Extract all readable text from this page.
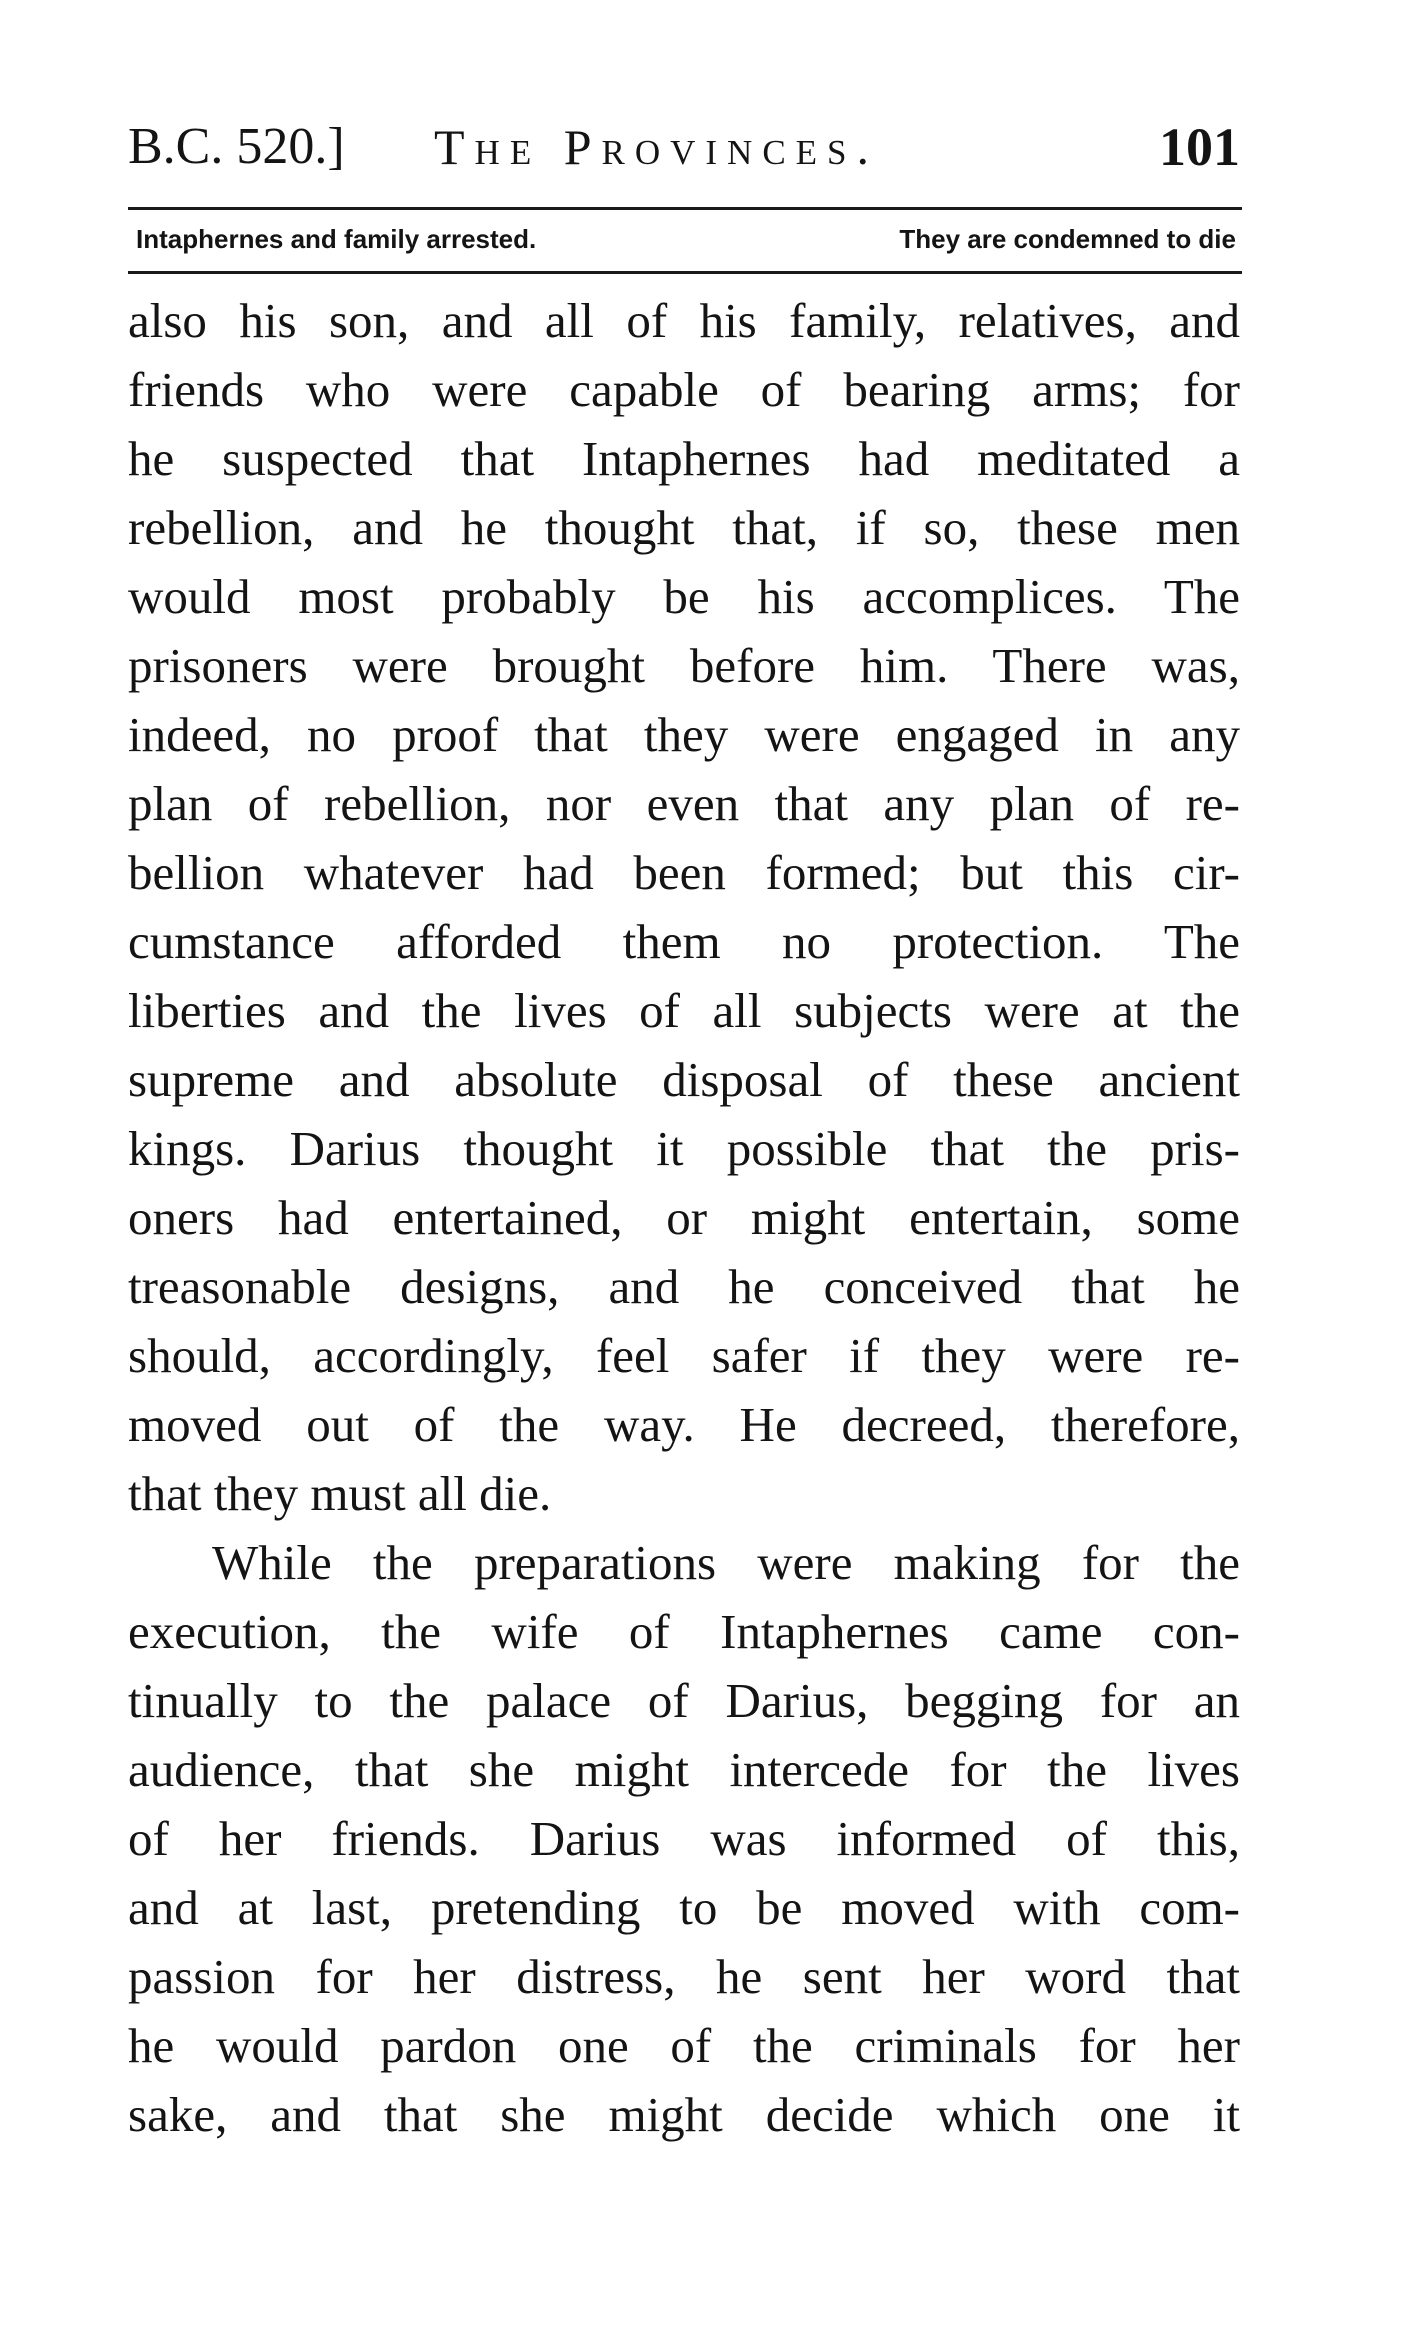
B.C. 520.] The Provinces.	101
Intaphernes and family arrested.	They are condemned to die
also his son, and all of his family, relatives, and
friends who were capable of bearing arms; for
he suspected that Intaphernes had meditated a
rebellion, and he thought that, if so, these men
would most probably be his accomplices. The
prisoners were brought before him. There was,
indeed, no proof that they were engaged in any
plan of rebellion, nor even that any plan of re-
bellion whatever had been formed; but this cir-
cumstance afforded them no protection. The
liberties and the lives of all subjects were at the
supreme and absolute disposal of these ancient
kings. Darius thought it possible that the pris-
oners had entertained, or might entertain, some
treasonable designs, and he conceived that he
should, accordingly, feel safer if they were re-
moved out of the way. He decreed, therefore,
that they must all die.
While the preparations were making for the
execution, the wife of Intaphernes came con-
tinually to the palace of Darius, begging for an
audience, that she might intercede for the lives
of her friends. Darius was informed of this,
and at last, pretending to be moved with com-
passion for her distress, he sent her word that
he would pardon one of the criminals for her
sake, and that she might decide which one it
